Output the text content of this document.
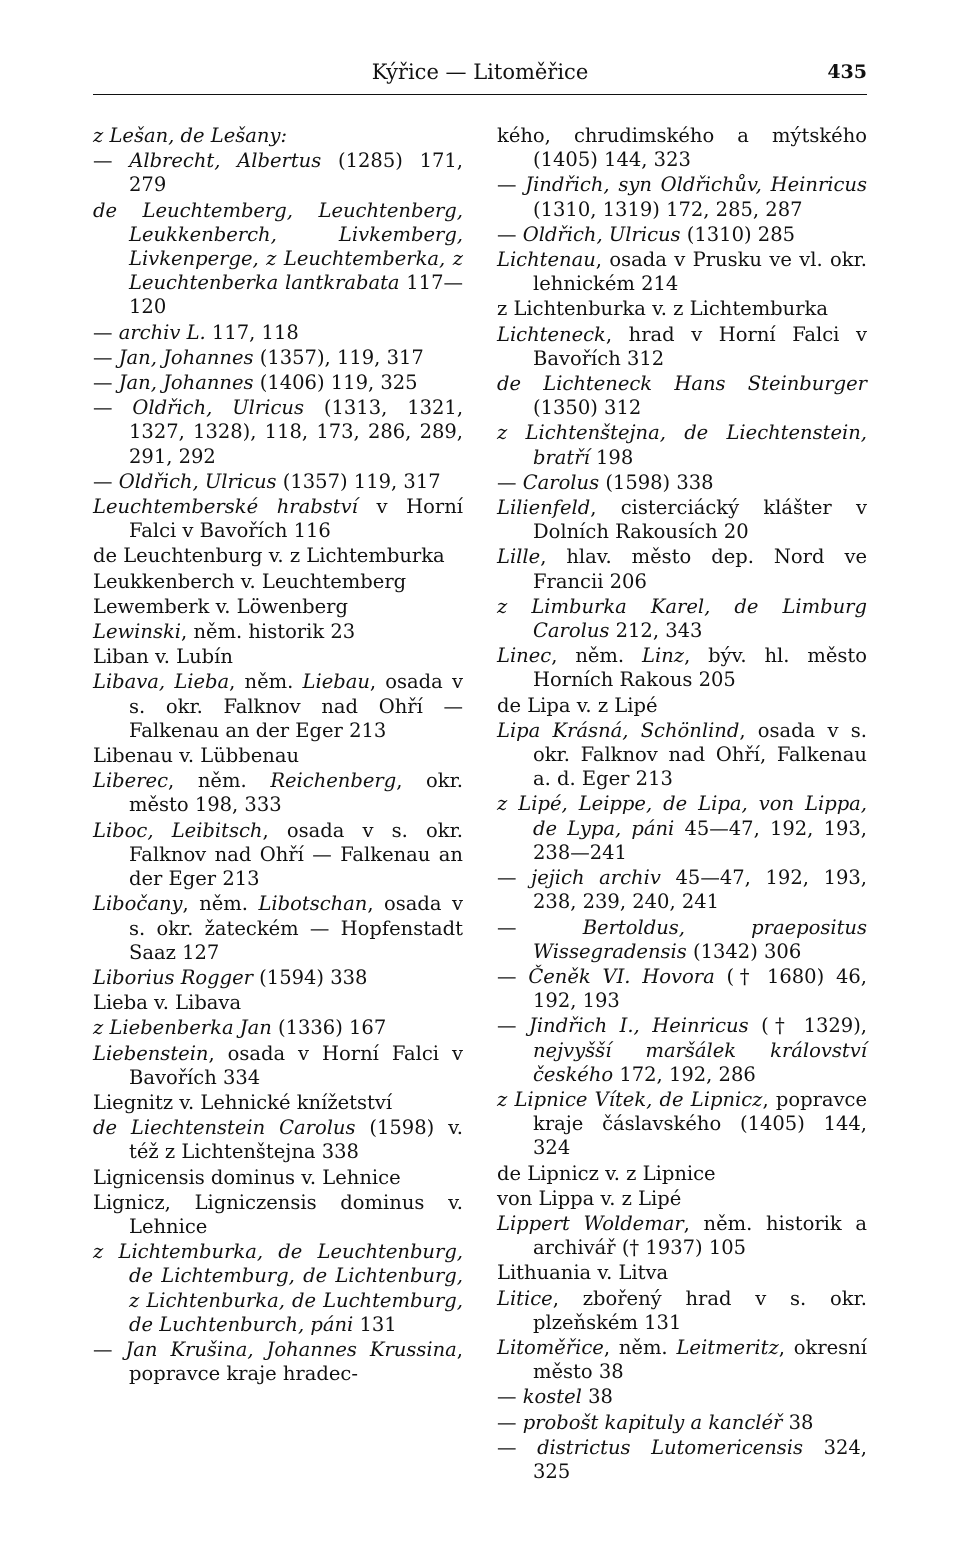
Kýřice — Litoměřice	435
z Lešan, de Lešany:
— Albrecht, Albertus (1285) 171, 279
de Leuchtemberg, Leuchtenberg, Leukkenberch, Livkemberg, Livkenperge, z Leuchtemberka, z Leuchtenberka lantkrabata 117—120
— archiv L. 117, 118
— Jan, Johannes (1357), 119, 317
— Jan, Johannes (1406) 119, 325
— Oldřich, Ulricus (1313, 1321, 1327, 1328), 118, 173, 286, 289, 291, 292
— Oldřich, Ulricus (1357) 119, 317
Leuchtemberské hrabství v Horní Falci v Bavořích 116
de Leuchtenburg v. z Lichtemburka
Leukkenberch v. Leuchtemberg
Lewemberk v. Löwenberg
Lewinski, něm. historik 23
Liban v. Lubín
Libava, Lieba, něm. Liebau, osada v s. okr. Falknov nad Ohří — Falkenau an der Eger 213
Libenau v. Lübbenau
Liberec, něm. Reichenberg, okr. město 198, 333
Liboc, Leibitsch, osada v s. okr. Falknov nad Ohří — Falkenau an der Eger 213
Libočany, něm. Libotschan, osada v s. okr. žateckém — Hopfenstadt Saaz 127
Liborius Rogger (1594) 338
Lieba v. Libava
z Liebenberka Jan (1336) 167
Liebenstein, osada v Horní Falci v Bavořích 334
Liegnitz v. Lehnické knížetství
de Liechtenstein Carolus (1598) v. též z Lichtenštejna 338
Lignicensis dominus v. Lehnice
Lignicz, Ligniczensis dominus v. Lehnice
z Lichtemburka, de Leuchtenburg, de Lichtemburg, de Lichtenburg, z Lichtenburka, de Luchtemburg, de Luchtenburch, páni 131
— Jan Krušina, Johannes Krussina, popravce kraje hradec-
kého, chrudimského a mýtského (1405) 144, 323
— Jindřich, syn Oldřichův, Heinricus (1310, 1319) 172, 285, 287
— Oldřich, Ulricus (1310) 285
Lichtenau, osada v Prusku ve vl. okr. lehnickém 214
z Lichtenburka v. z Lichtemburka
Lichteneck, hrad v Horní Falci v Bavořích 312
de Lichteneck Hans Steinburger (1350) 312
z Lichtenštejna, de Liechtenstein, bratří 198
— Carolus (1598) 338
Lilienfeld, cisterciácký klášter v Dolních Rakousích 20
Lille, hlav. město dep. Nord ve Francii 206
z Limburka Karel, de Limburg Carolus 212, 343
Linec, něm. Linz, býv. hl. město Horních Rakous 205
de Lipa v. z Lipé
Lipa Krásná, Schönlind, osada v s. okr. Falknov nad Ohří, Falkenau a. d. Eger 213
z Lipé, Leippe, de Lipa, von Lippa, de Lypa, páni 45—47, 192, 193, 238—241
— jejich archiv 45—47, 192, 193, 238, 239, 240, 241
— Bertoldus, praepositus Wissegradensis (1342) 306
— Čeněk VI. Hovora († 1680) 46, 192, 193
— Jindřich I., Heinricus († 1329), nejvyšší maršálek království českého 172, 192, 286
z Lipnice Vítek, de Lipnicz, popravce kraje čáslavského (1405) 144, 324
de Lipnicz v. z Lipnice
von Lippa v. z Lipé
Lippert Woldemar, něm. historik a archivář († 1937) 105
Lithuania v. Litva
Litice, zbořený hrad v s. okr. plzeňském 131
Litoměřice, něm. Leitmeritz, okresní město 38
— kostel 38
— probošt kapituly a kancléř 38
— districtus Lutomericensis 324, 325
